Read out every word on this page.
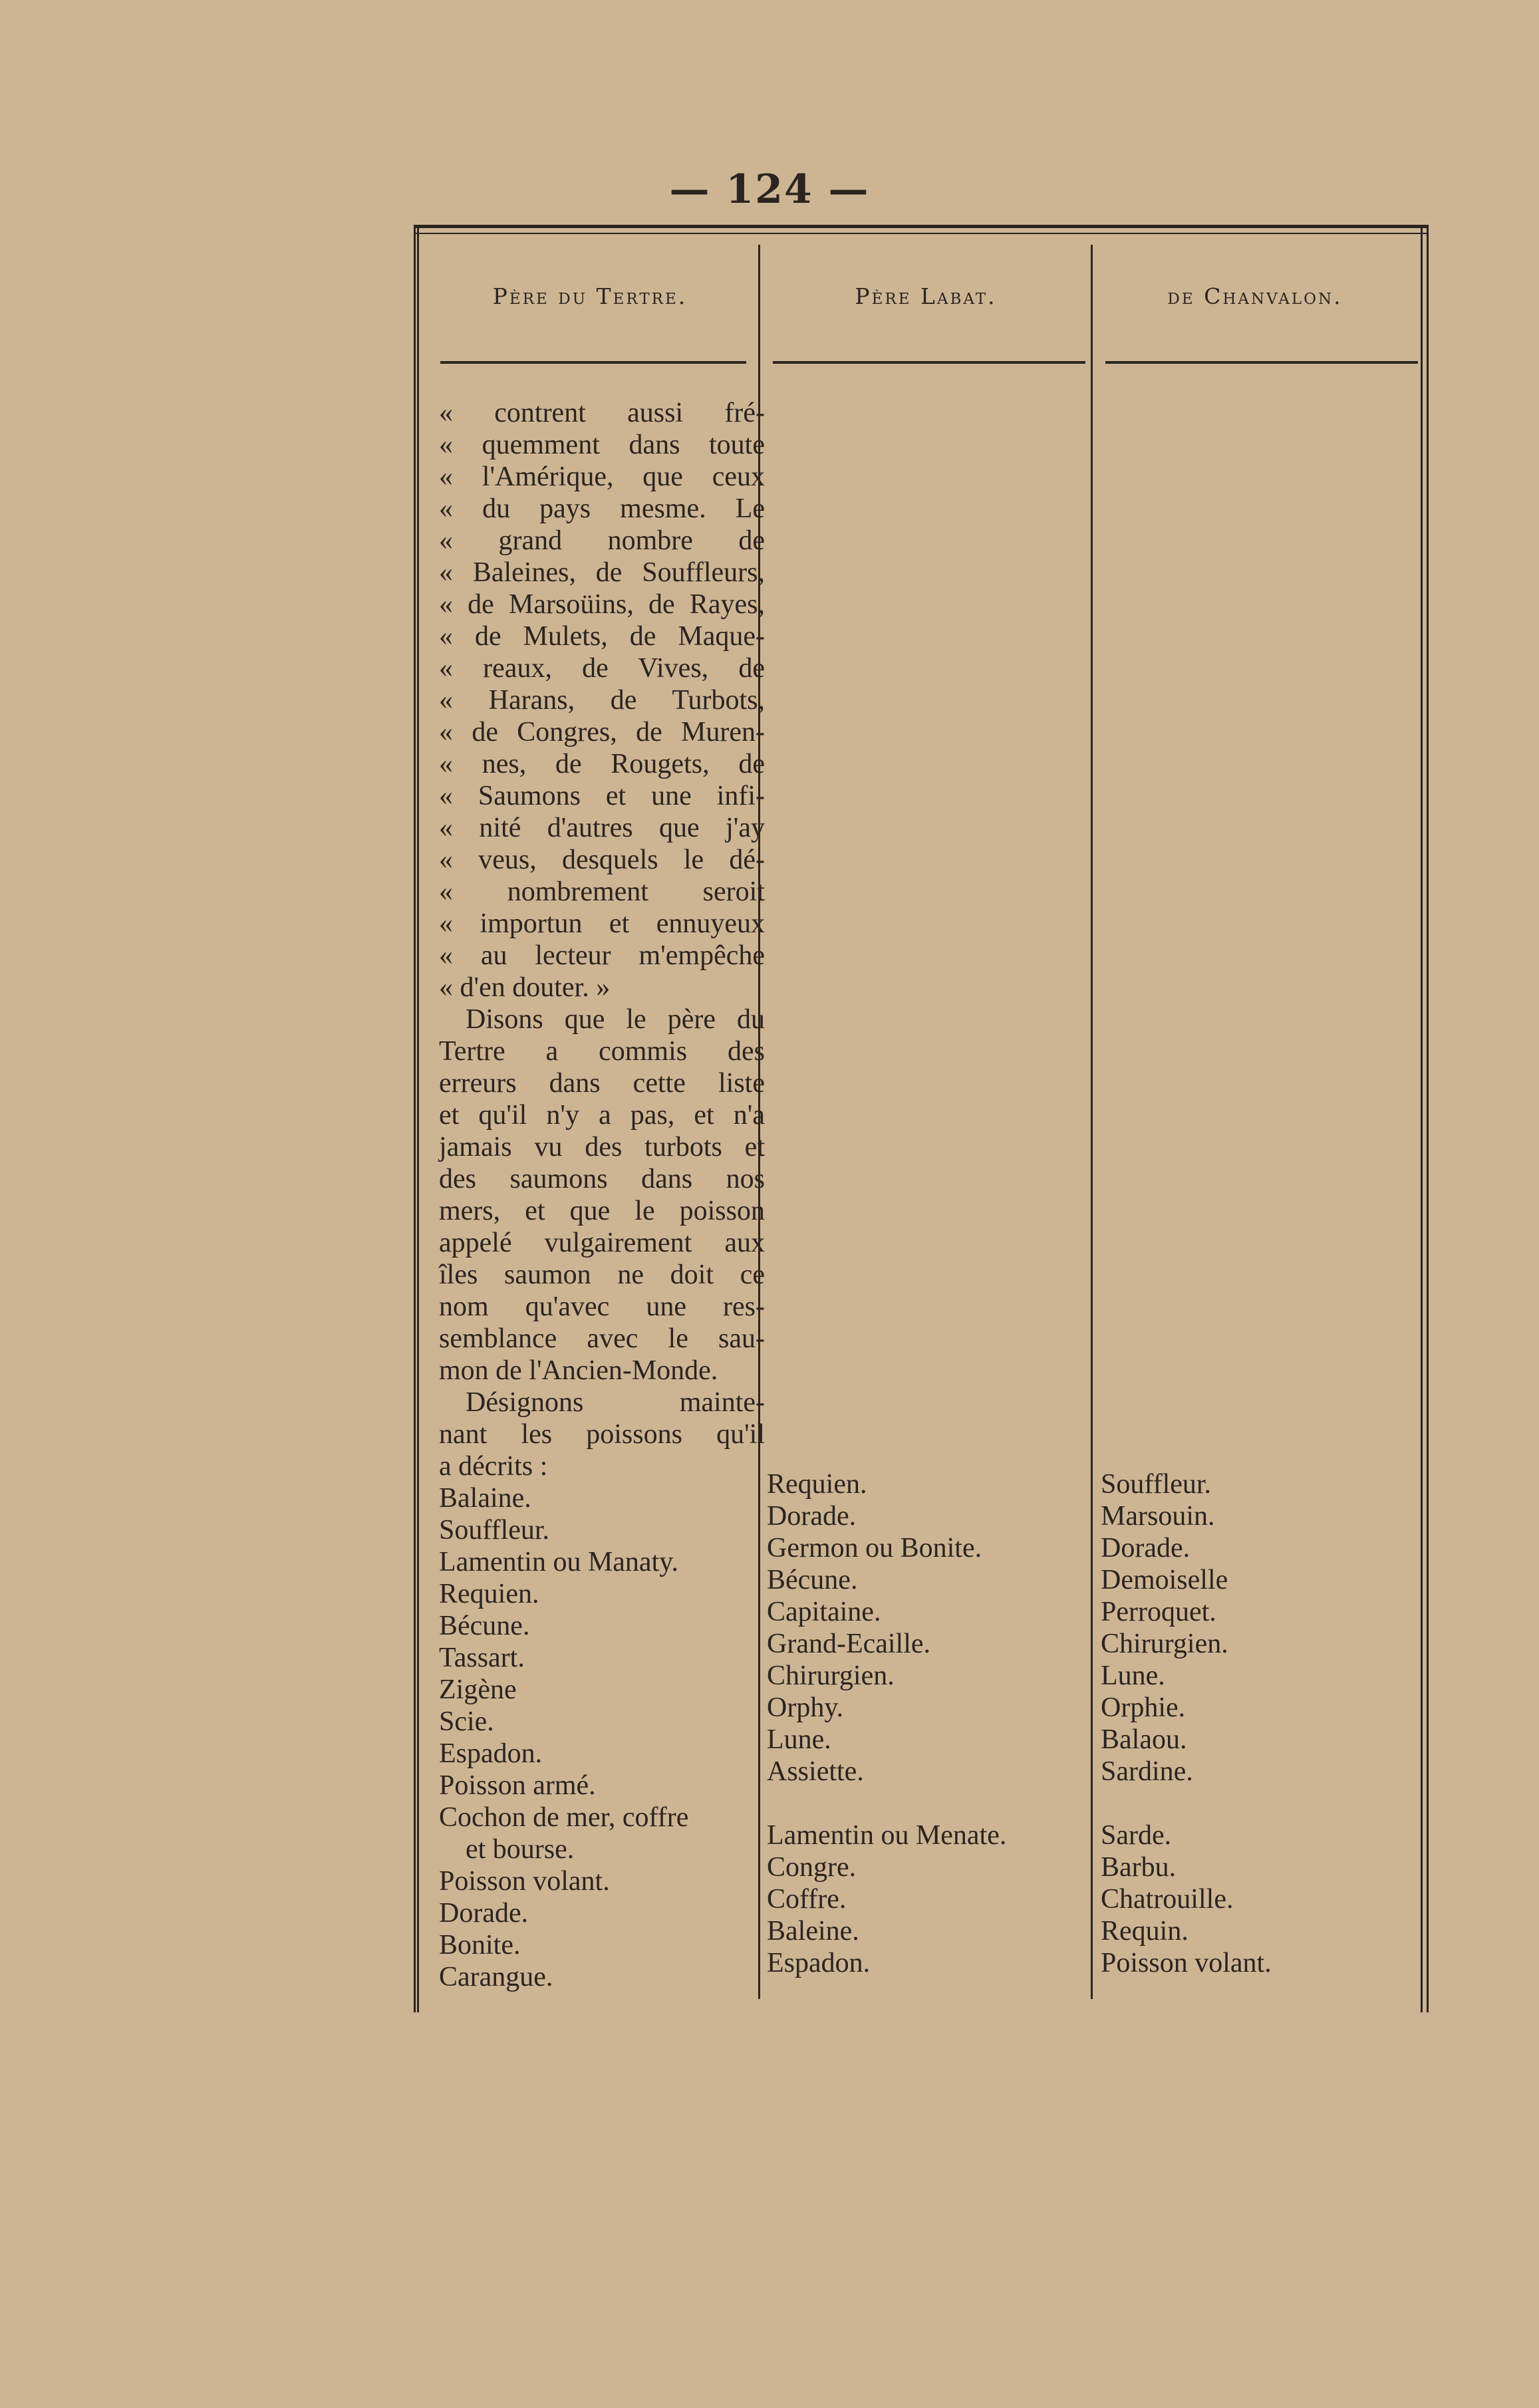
— 124 —
Père du Tertre.	Père Labat.	de Chanvalon.
« contrent aussi fré-
« quemment dans toute
« l'Amérique, que ceux
« du pays mesme. Le
« grand nombre de
« Baleines, de Souffleurs,
« de Marsoüins, de Rayes,
« de Mulets, de Maque-
« reaux, de Vives, de
« Harans, de Turbots,
« de Congres, de Muren-
« nes, de Rougets, de
« Saumons et une infi-
« nité d'autres que j'ay
« veus, desquels le dé-
« nombrement seroit
« importun et ennuyeux
« au lecteur m'empêche
« d'en douter. »
Disons que le père du
Tertre a commis des
erreurs dans cette liste
et qu'il n'y a pas, et n'a
jamais vu des turbots et
des saumons dans nos
mers, et que le poisson
appelé vulgairement aux
îles saumon ne doit ce
nom qu'avec une res-
semblance avec le sau-
mon de l'Ancien-Monde.
Désignons mainte-
nant les poissons qu'il
a décrits :
Balaine.
Souffleur.
Lamentin ou Manaty.
Requien.
Bécune.
Tassart.
Zigène
Scie.
Espadon.
Poisson armé.
Cochon de mer, coffre
et bourse.
Poisson volant.
Dorade.
Bonite.
Carangue.
Requien.
Dorade.
Germon ou Bonite.
Bécune.
Capitaine.
Grand-Ecaille.
Chirurgien.
Orphy.
Lune.
Assiette.
Lamentin ou Menate.
Congre.
Coffre.
Baleine.
Espadon.
Souffleur.
Marsouin.
Dorade.
Demoiselle
Perroquet.
Chirurgien.
Lune.
Orphie.
Balaou.
Sardine.
Sarde.
Barbu.
Chatrouille.
Requin.
Poisson volant.
